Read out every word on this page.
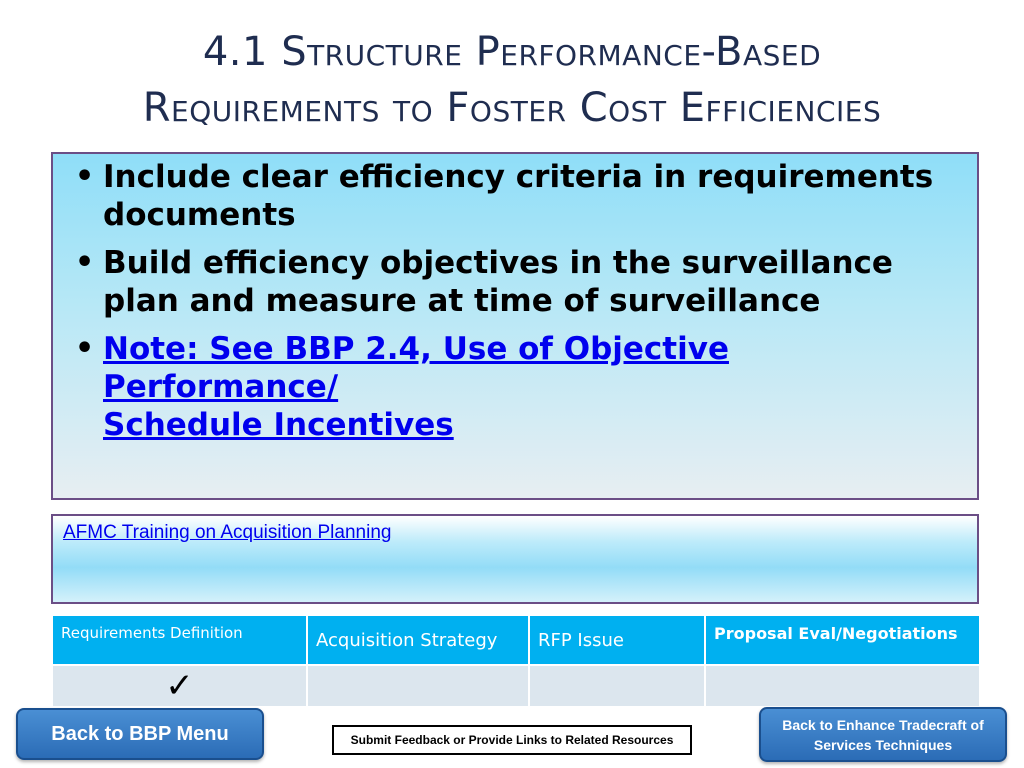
4.1 Structure Performance-Based
Requirements to Foster Cost Efficiencies
• Include clear efficiency criteria in requirements documents
• Build efficiency objectives in the surveillance plan and measure at time of surveillance
• Note: See BBP 2.4, Use of Objective Performance/
Schedule Incentives
AFMC Training on Acquisition Planning
Requirements Definition	Acquisition Strategy	RFP Issue	Proposal Eval/Negotiations
✓			
Back to BBP Menu	Submit Feedback or Provide Links to Related Resources
Back to Enhance Tradecraft of
Services Techniques
